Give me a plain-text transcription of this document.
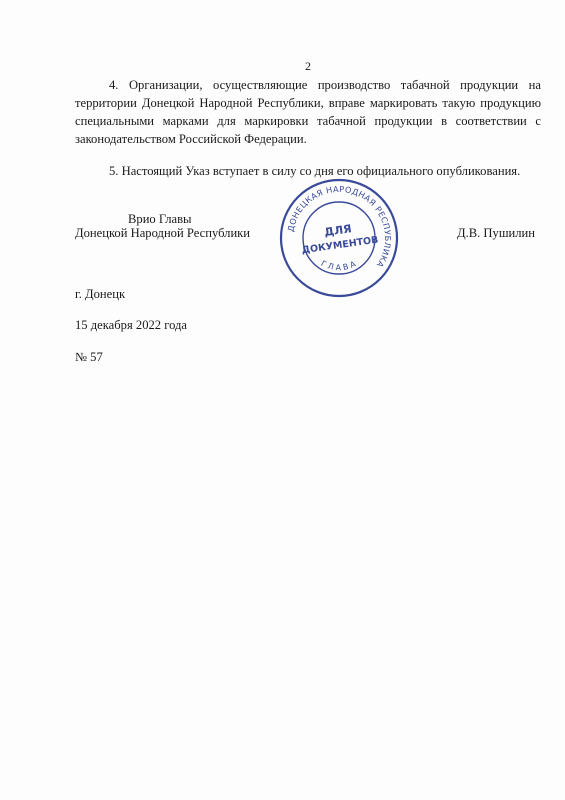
2
4. Организации, осуществляющие производство табачной продукции на территории Донецкой Народной Республики, вправе маркировать такую продукцию специальными марками для маркировки табачной продукции в соответствии с законодательством Российской Федерации.
5. Настоящий Указ вступает в силу со дня его официального опубликования.
Врио Главы
Донецкой Народной Республики	Д.В. Пушилин
ДОНЕЦКАЯ НАРОДНАЯ РЕСПУБЛИКА
Г Л А В А
ДЛЯ
ДОКУМЕНТОВ
г. Донецк
15 декабря 2022 года
№ 57
